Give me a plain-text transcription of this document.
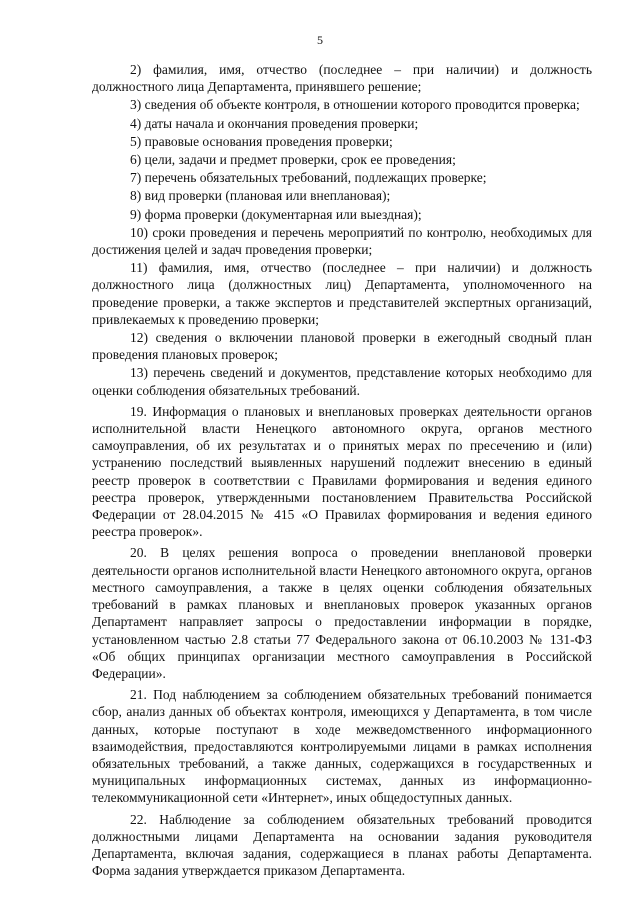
5

2) фамилия, имя, отчество (последнее – при наличии) и должность должностного лица Департамента, принявшего решение;

3) сведения об объекте контроля, в отношении которого проводится проверка;

4) даты начала и окончания проведения проверки;

5) правовые основания проведения проверки;

6) цели, задачи и предмет проверки, срок ее проведения;

7) перечень обязательных требований, подлежащих проверке;

8) вид проверки (плановая или внеплановая);

9) форма проверки (документарная или выездная);

10) сроки проведения и перечень мероприятий по контролю, необходимых для достижения целей и задач проведения проверки;

11) фамилия, имя, отчество (последнее – при наличии) и должность должностного лица (должностных лиц) Департамента, уполномоченного на проведение проверки, а также экспертов и представителей экспертных организаций, привлекаемых к проведению проверки;

12) сведения о включении плановой проверки в ежегодный сводный план проведения плановых проверок;

13) перечень сведений и документов, представление которых необходимо для оценки соблюдения обязательных требований.

19. Информация о плановых и внеплановых проверках деятельности органов исполнительной власти Ненецкого автономного округа, органов местного самоуправления, об их результатах и о принятых мерах по пресечению и (или) устранению последствий выявленных нарушений подлежит внесению в единый реестр проверок в соответствии с Правилами формирования и ведения единого реестра проверок, утвержденными постановлением Правительства Российской Федерации от 28.04.2015 № 415 «О Правилах формирования и ведения единого реестра проверок».

20. В целях решения вопроса о проведении внеплановой проверки деятельности органов исполнительной власти Ненецкого автономного округа, органов местного самоуправления, а также в целях оценки соблюдения обязательных требований в рамках плановых и внеплановых проверок указанных органов Департамент направляет запросы о предоставлении информации в порядке, установленном частью 2.8 статьи 77 Федерального закона от 06.10.2003 № 131-ФЗ «Об общих принципах организации местного самоуправления в Российской Федерации».

21. Под наблюдением за соблюдением обязательных требований понимается сбор, анализ данных об объектах контроля, имеющихся у Департамента, в том числе данных, которые поступают в ходе межведомственного информационного взаимодействия, предоставляются контролируемыми лицами в рамках исполнения обязательных требований, а также данных, содержащихся в государственных и муниципальных информационных системах, данных из информационно-телекоммуникационной сети «Интернет», иных общедоступных данных.

22. Наблюдение за соблюдением обязательных требований проводится должностными лицами Департамента на основании задания руководителя Департамента, включая задания, содержащиеся в планах работы Департамента. Форма задания утверждается приказом Департамента.
